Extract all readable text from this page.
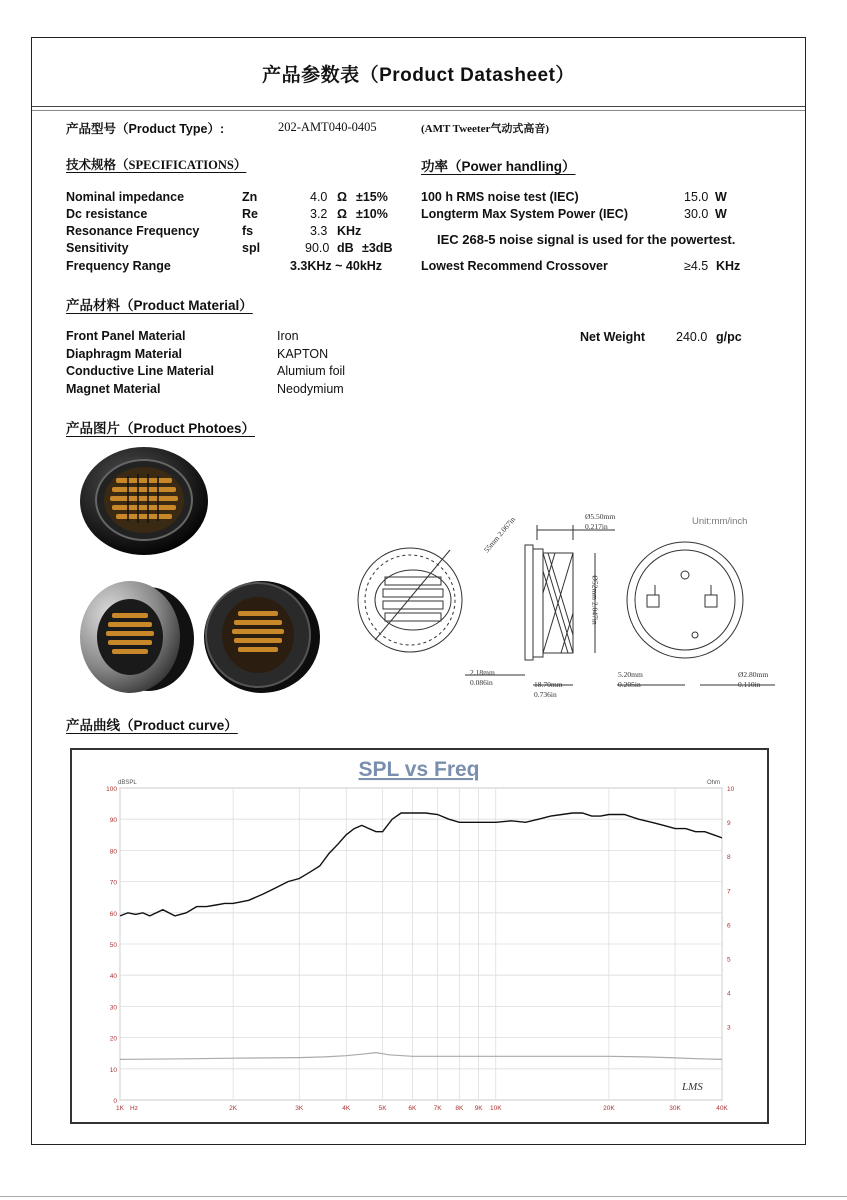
产品参数表（Product Datasheet）
产品型号（Product Type）:	202-AMT040-0405	(AMT Tweeter气动式高音)
技术规格（SPECIFICATIONS）
Nominal impedance	Zn	4.0 Ω ±15%
Dc resistance	Re	3.2 Ω ±10%
Resonance Frequency	fs	3.3 KHz
Sensitivity	spl	90.0 dB ±3dB
Frequency Range	3.3KHz ~ 40kHz
功率（Power handling）
100 h RMS noise test (IEC)	15.0 W
Longterm Max System Power (IEC)	30.0 W
IEC 268-5 noise signal is used for the powertest.
Lowest Recommend Crossover	≥4.5 KHz
产品材料（Product Material）
Front Panel Material	Iron
Diaphragm Material	KAPTON
Conductive Line Material	Alumium foil
Magnet Material	Neodymium
Net Weight 240.0 g/pc
产品图片（Product Photoes）
Ø5.50mm
0.217in
55mm 2.067in
Ø52mm 2.047in
2.18mm
0.086in	18.70mm
0.736in
5.20mm
0.205in
Ø2.80mm
0.110in
Unit:mm/inch
产品曲线（Product curve）
SPL vs Freq
100
90
80
70
60
50
40
30
20
10
0
10
9
8
7
6
5
4
3
1K Hz	2K	3K	4K	5K	6K	7K 8K 9K 10K	20K	30K	40K
dBSPL	Ohm
LMS
